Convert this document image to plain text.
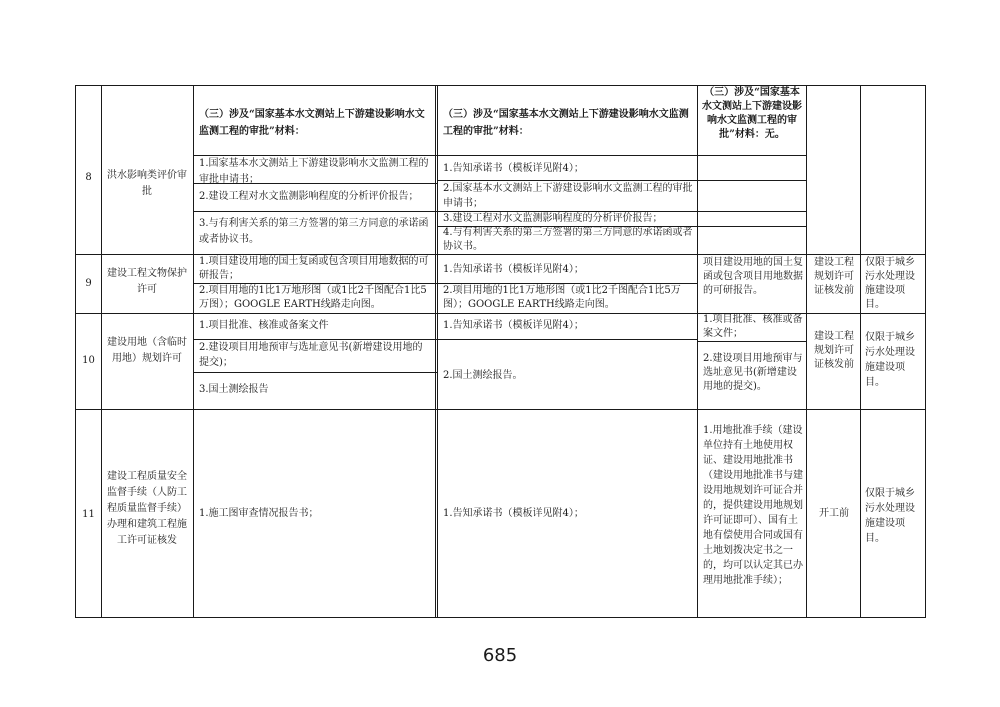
8	洪水影响类评价审批
（三）涉及“国家基本水文测站上下游建设影响水文监测工程的审批”材料：
1.国家基本水文测站上下游建设影响水文监测工程的审批申请书；
2.建设工程对水文监测影响程度的分析评价报告；
3.与有利害关系的第三方签署的第三方同意的承诺函或者协议书。
（三）涉及“国家基本水文测站上下游建设影响水文监测工程的审批”材料：
1.告知承诺书（模板详见附4）；
2.国家基本水文测站上下游建设影响水文监测工程的审批申请书；
3.建设工程对水文监测影响程度的分析评价报告；
4.与有利害关系的第三方签署的第三方同意的承诺函或者协议书。
（三）涉及“国家基本水文测站上下游建设影响水文监测工程的审批”材料：无。
9
建设工程文物保护许可
1.项目建设用地的国土复函或包含项目用地数据的可研报告；
2.项目用地的1比1万地形图（或1比2千图配合1比5万图）；GOOGLE EARTH线路走向图。
1.告知承诺书（模板详见附4）；
2.项目用地的1比1万地形图（或1比2千图配合1比5万图）；GOOGLE EARTH线路走向图。
项目建设用地的国土复函或包含项目用地数据的可研报告。
建设工程规划许可证核发前
仅限于城乡污水处理设施建设项目。
10
建设用地（含临时用地）规划许可
1.项目批准、核准或备案文件
2.建设项目用地预审与选址意见书(新增建设用地的提交)；
3.国土测绘报告
1.告知承诺书（模板详见附4）；
2.国土测绘报告。
1.项目批准、核准或备案文件；
2.建设项目用地预审与选址意见书(新增建设用地的提交)。
建设工程规划许可证核发前
仅限于城乡污水处理设施建设项目。
11
建设工程质量安全监督手续（人防工程质量监督手续）办理和建筑工程施工许可证核发
1.施工图审查情况报告书；	1.告知承诺书（模板详见附4）；
1.用地批准手续（建设单位持有土地使用权证、建设用地批准书（建设用地批准书与建设用地规划许可证合并的，提供建设用地规划许可证即可）、国有土地有偿使用合同或国有土地划拨决定书之一的，均可以认定其已办理用地批准手续）；
开工前
仅限于城乡污水处理设施建设项目。
685
